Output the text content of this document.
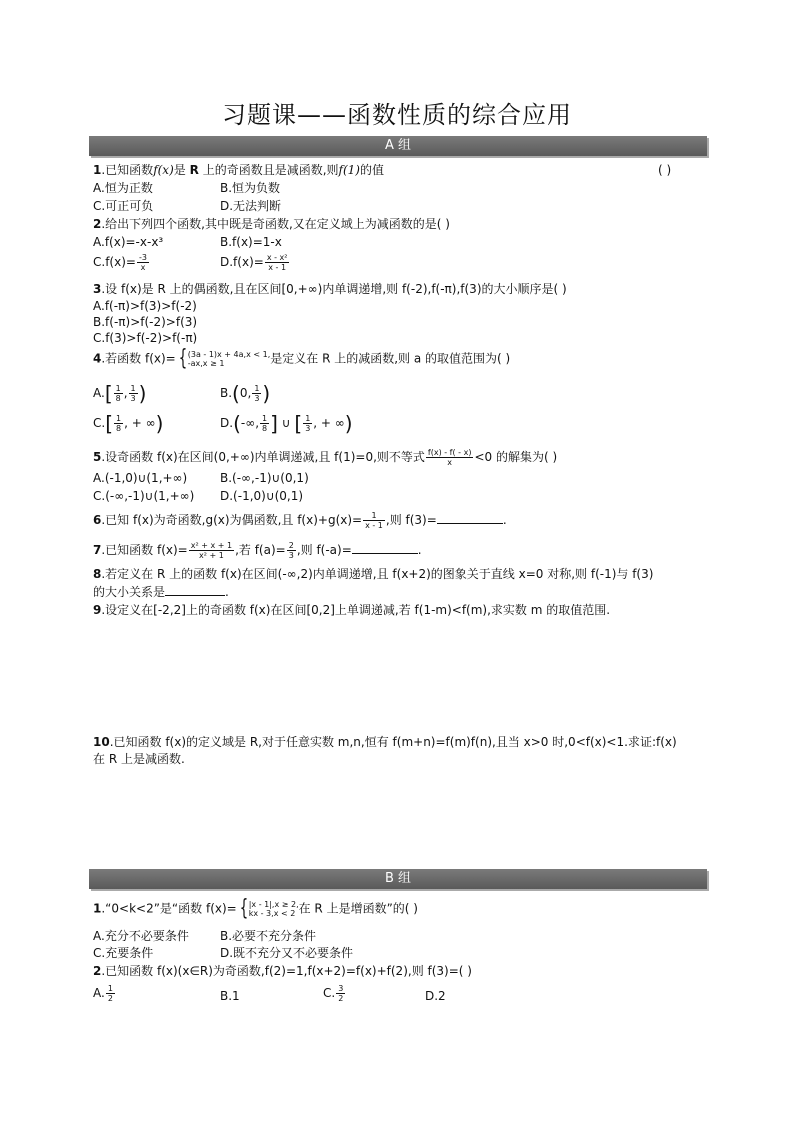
习题课——函数性质的综合应用
A 组
1.已知函数f(x)是 R 上的奇函数且是减函数,则f(1)的值	( )
A.恒为正数	B.恒为负数
C.可正可负	D.无法判断
2.给出下列四个函数,其中既是奇函数,又在定义域上为减函数的是( )
A.f(x)=-x-x³	B.f(x)=1-x
$C.f(x)= \frac{-3}{x}$	$D.f(x)= \frac{\text{x - x²}}{x - 1}$
3.设 f(x)是 R 上的偶函数,且在区间[0,+∞)内单调递增,则 f(-2),f(-π),f(3)的大小顺序是( )
A.f(-π)>f(3)>f(-2)
B.f(-π)>f(-2)>f(3)
C.f(3)>f(-2)>f(-π)
4.若函数 f(x)= { (3a - 1)x + 4a,x < 1,
-ax,x ≥ 1	是定义在 R 上的减函数,则 a 的取值范围为( )
$A.[ \frac{1}{8}$ , $\frac{1}{3}$ )	B.(0, $\frac{1}{3}$ )
$C.[ \frac{1}{8}$ , + ∞)	D.(-∞, $\frac{1}{8}$ ] ∪ [ $\frac{1}{3}$ , + ∞)
5.设奇函数 f(x)在区间(0,+∞)内单调递减,且 f(1)=0,则不等式 $\frac{f(x) - f( - x)}{x} <0$ 的解集为( )
A.(-1,0)∪(1,+∞)	B.(-∞,-1)∪(0,1)
C.(-∞,-1)∪(1,+∞) D.(-1,0)∪(0,1)
6.已知 f(x)为奇函数,g(x)为偶函数,且 $f(x)+g(x)= \frac{1}{x - 1}$ ,则 f(3)=	.
7.已知函数 $f(x)= \frac{\text{x² + x + 1}}{\text{x² + 1}}$ ,若 $f(a)= \frac{2}{3}$ ,则 f(-a)=	.
8.若定义在 R 上的函数 f(x)在区间(-∞,2)内单调递增,且 f(x+2)的图象关于直线 x=0 对称,则 f(-1)与 f(3)
的大小关系是	.
9.设定义在[-2,2]上的奇函数 f(x)在区间[0,2]上单调递减,若 f(1-m)<f(m),求实数 m 的取值范围.
10.已知函数 f(x)的定义域是 R,对于任意实数 m,n,恒有 f(m+n)=f(m)f(n),且当 x>0 时,0<f(x)<1.求证:f(x)
在 R 上是减函数.
B 组
1.“0<k<2”是“函数 f(x)= { |x - 1|,x ≥ 2,
kx - 3,x < 2 在 R 上是增函数”的( )
A.充分不必要条件	B.必要不充分条件
C.充要条件	D.既不充分又不必要条件
2.已知函数 f(x)(x∈R)为奇函数,f(2)=1,f(x+2)=f(x)+f(2),则 f(3)=( )
A. $\frac{1}{2}$	B.1	C. $\frac{3}{2}$	D.2
